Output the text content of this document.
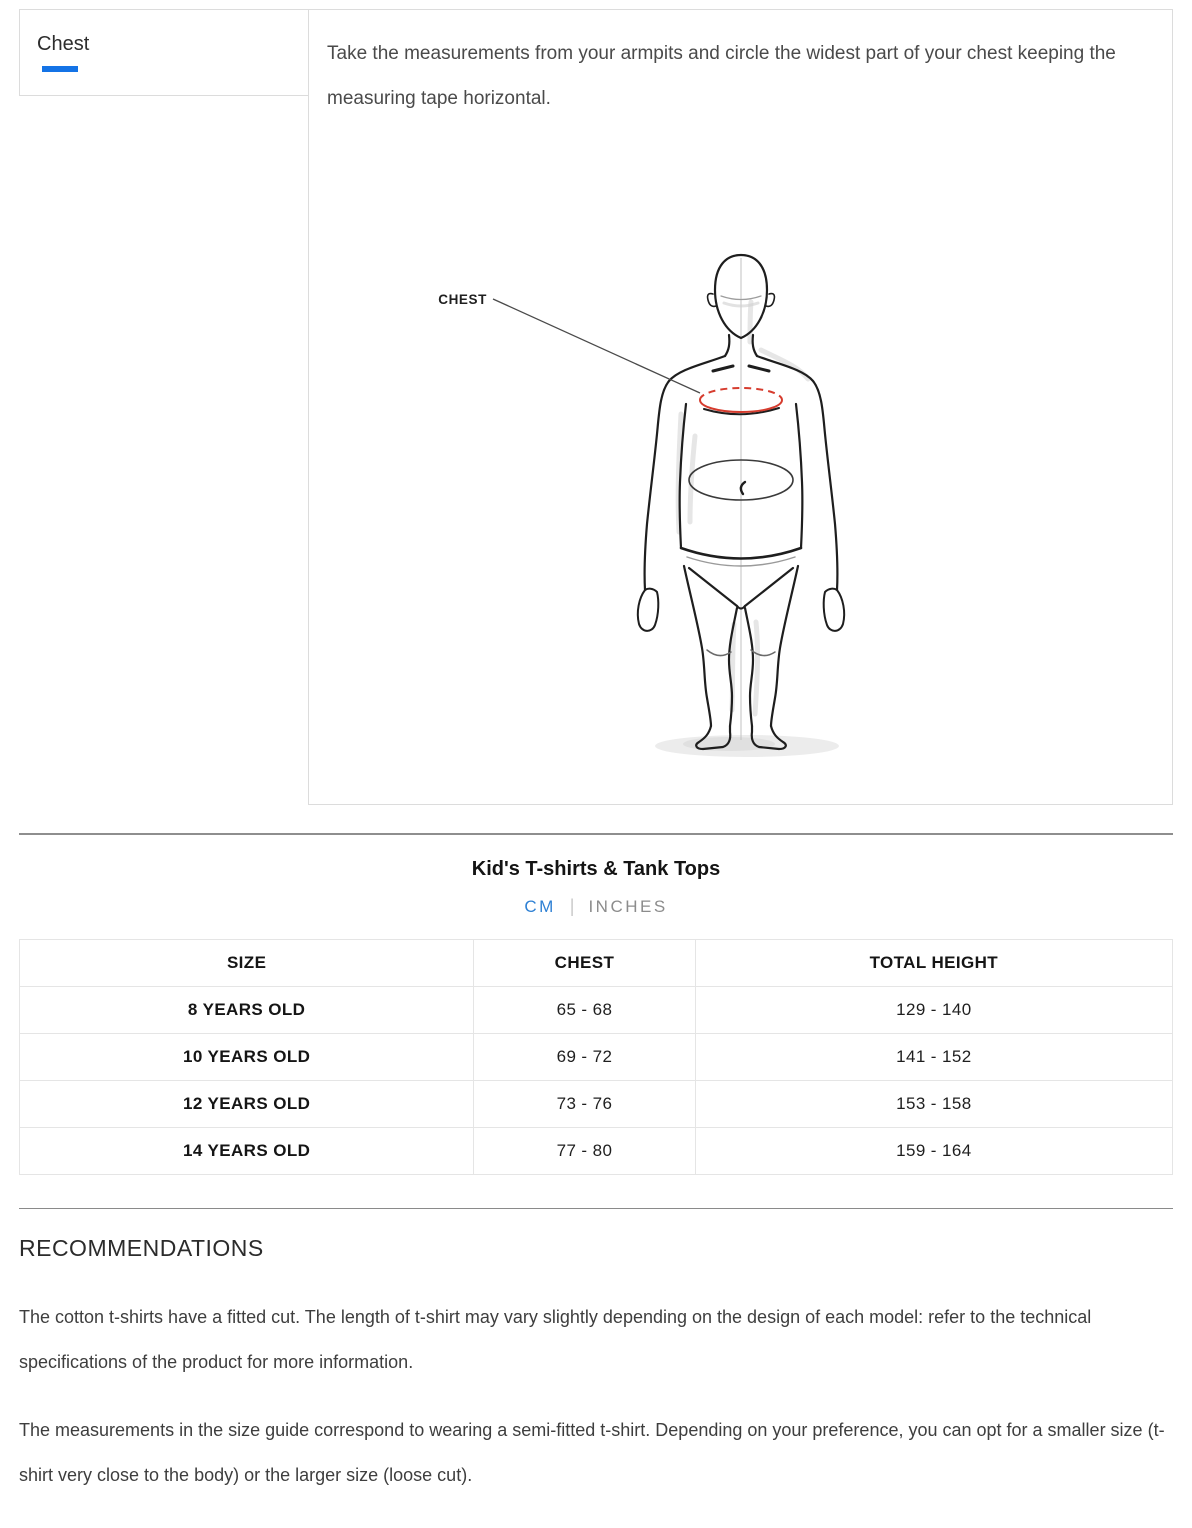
Chest	Take the measurements from your armpits and circle the widest part of your chest keeping the measuring tape horizontal.

CHEST
Kid's T-shirts & Tank Tops
CM | INCHES
SIZE	CHEST	TOTAL HEIGHT
8 YEARS OLD	65 - 68	129 - 140
10 YEARS OLD	69 - 72	141 - 152
12 YEARS OLD	73 - 76	153 - 158
14 YEARS OLD	77 - 80	159 - 164
RECOMMENDATIONS

The cotton t-shirts have a fitted cut. The length of t-shirt may vary slightly depending on the design of each model: refer to the technical specifications of the product for more information.

The measurements in the size guide correspond to wearing a semi-fitted t-shirt. Depending on your preference, you can opt for a smaller size (t-shirt very close to the body) or the larger size (loose cut).
